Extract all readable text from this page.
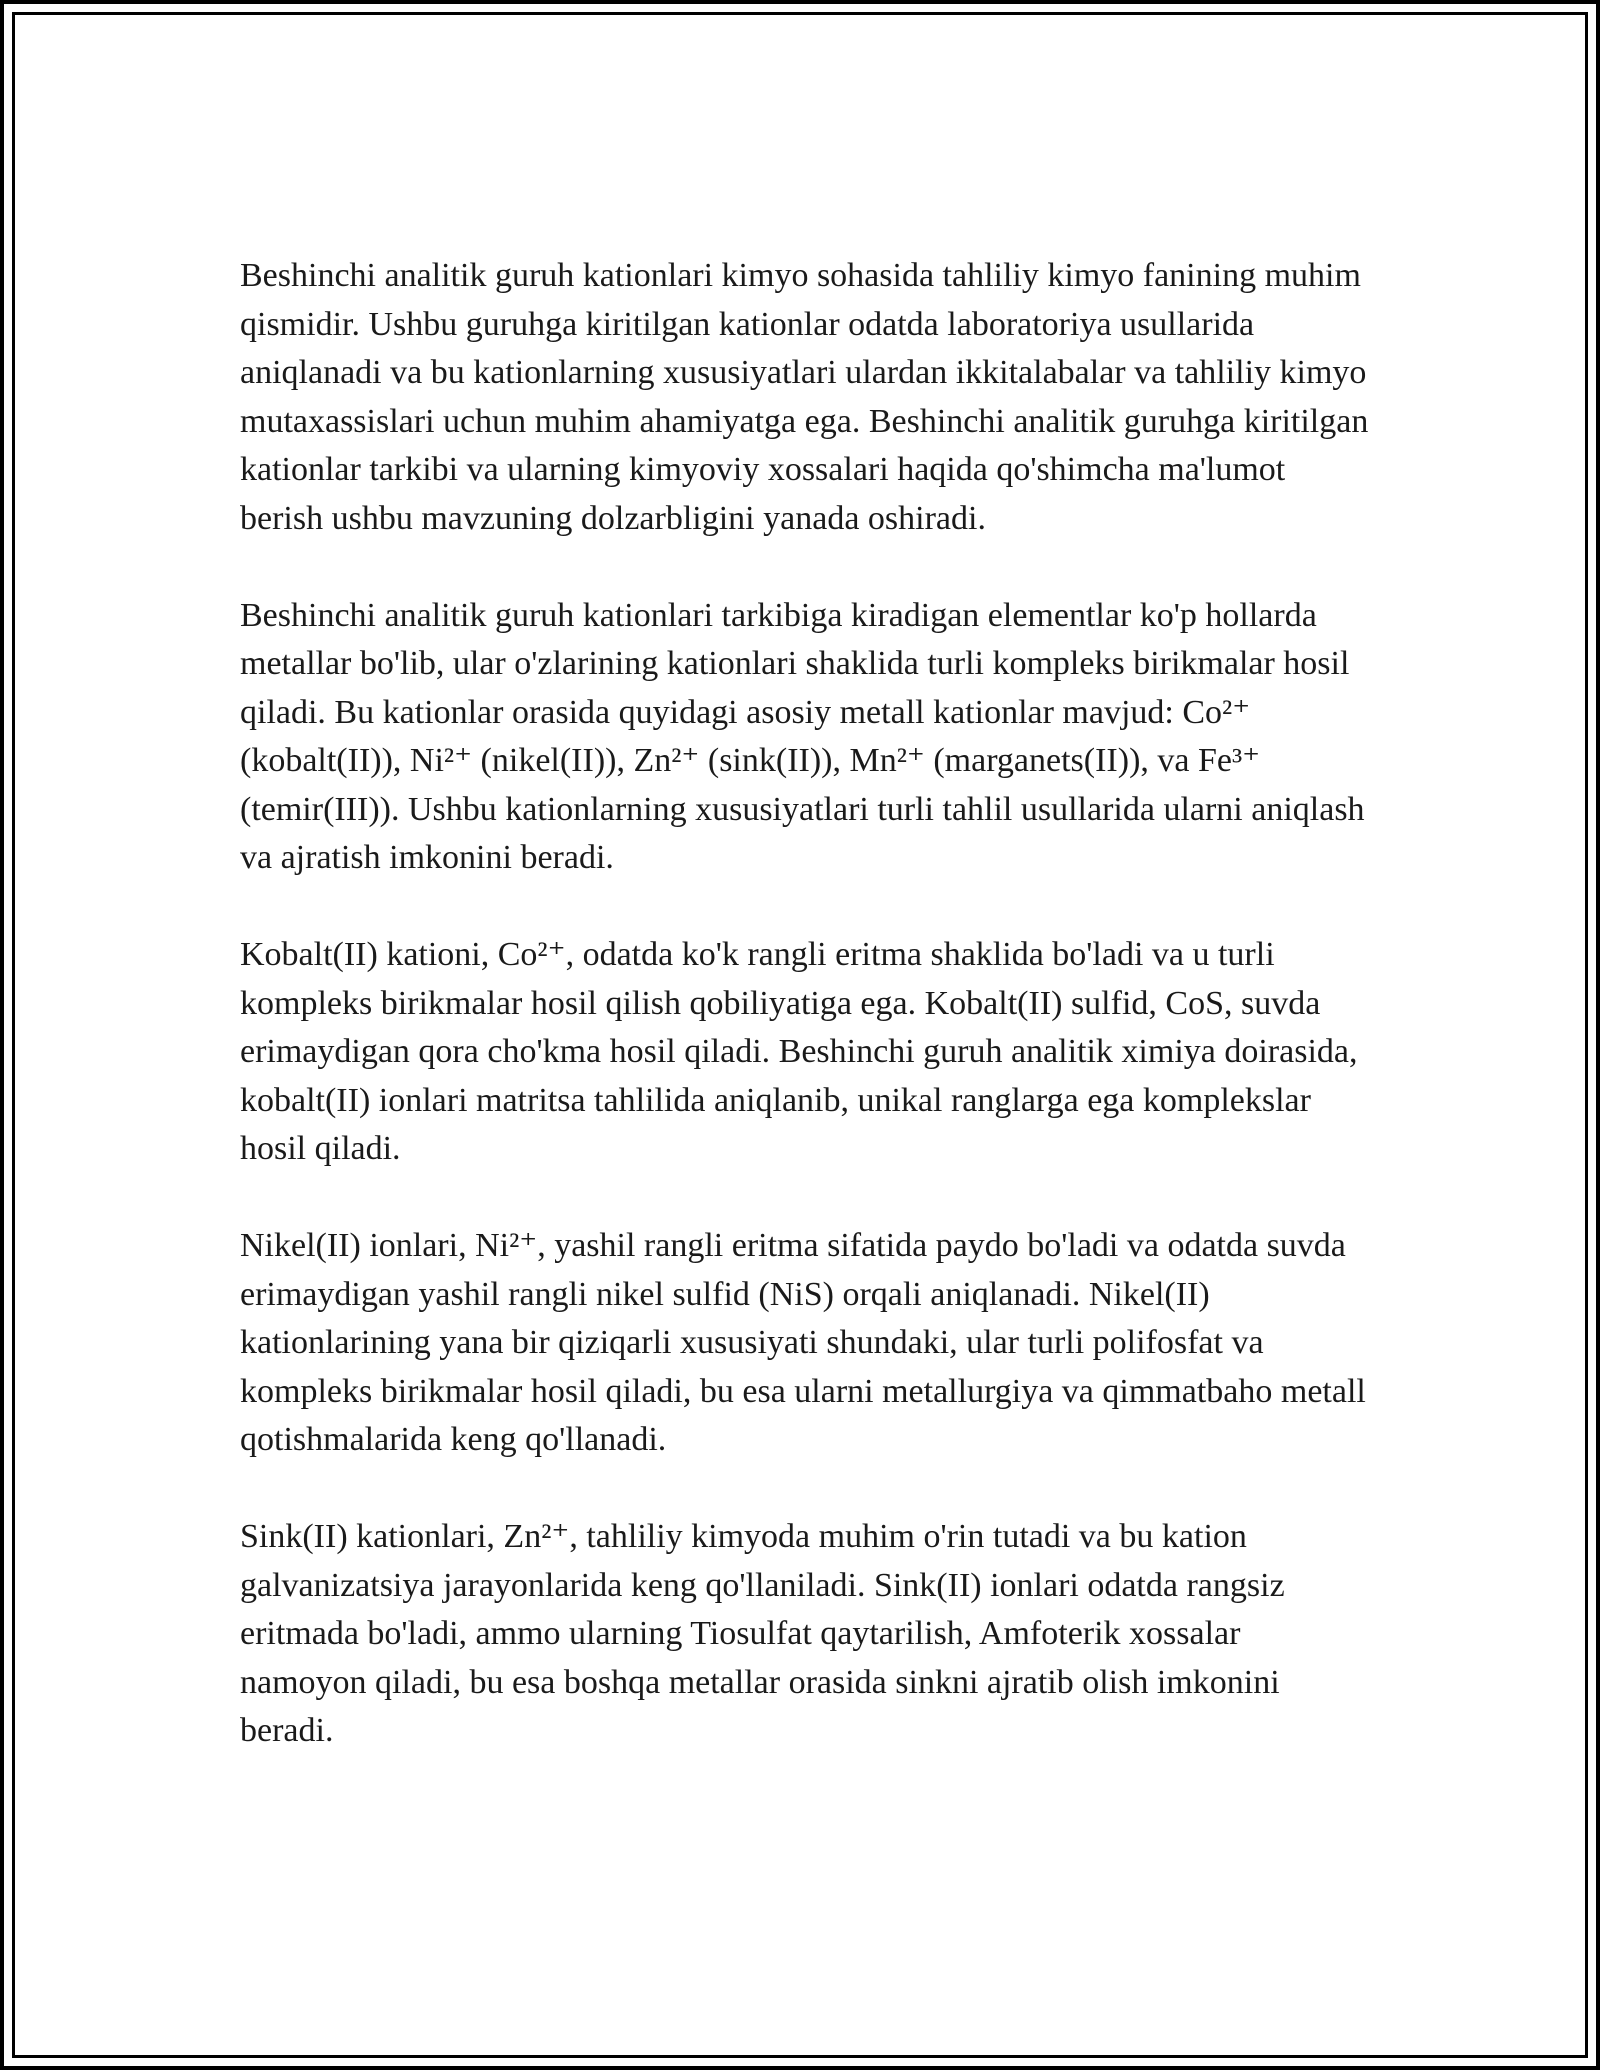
Beshinchi analitik guruh kationlari kimyo sohasida tahliliy kimyo fanining muhim qismidir. Ushbu guruhga kiritilgan kationlar odatda laboratoriya usullarida aniqlanadi va bu kationlarning xususiyatlari ulardan ikkitalabalar va tahliliy kimyo mutaxassislari uchun muhim ahamiyatga ega. Beshinchi analitik guruhga kiritilgan kationlar tarkibi va ularning kimyoviy xossalari haqida qo'shimcha ma'lumot berish ushbu mavzuning dolzarbligini yanada oshiradi.

Beshinchi analitik guruh kationlari tarkibiga kiradigan elementlar ko'p hollarda metallar bo'lib, ular o'zlarining kationlari shaklida turli kompleks birikmalar hosil qiladi. Bu kationlar orasida quyidagi asosiy metall kationlar mavjud: Co²⁺ (kobalt(II)), Ni²⁺ (nikel(II)), Zn²⁺ (sink(II)), Mn²⁺ (marganets(II)), va Fe³⁺ (temir(III)). Ushbu kationlarning xususiyatlari turli tahlil usullarida ularni aniqlash va ajratish imkonini beradi.

Kobalt(II) kationi, Co²⁺, odatda ko'k rangli eritma shaklida bo'ladi va u turli kompleks birikmalar hosil qilish qobiliyatiga ega. Kobalt(II) sulfid, CoS, suvda erimaydigan qora cho'kma hosil qiladi. Beshinchi guruh analitik ximiya doirasida, kobalt(II) ionlari matritsa tahlilida aniqlanib, unikal ranglarga ega komplekslar hosil qiladi.

Nikel(II) ionlari, Ni²⁺, yashil rangli eritma sifatida paydo bo'ladi va odatda suvda erimaydigan yashil rangli nikel sulfid (NiS) orqali aniqlanadi. Nikel(II) kationlarining yana bir qiziqarli xususiyati shundaki, ular turli polifosfat va kompleks birikmalar hosil qiladi, bu esa ularni metallurgiya va qimmatbaho metall qotishmalarida keng qo'llanadi.

Sink(II) kationlari, Zn²⁺, tahliliy kimyoda muhim o'rin tutadi va bu kation galvanizatsiya jarayonlarida keng qo'llaniladi. Sink(II) ionlari odatda rangsiz eritmada bo'ladi, ammo ularning Tiosulfat qaytarilish, Amfoterik xossalar namoyon qiladi, bu esa boshqa metallar orasida sinkni ajratib olish imkonini beradi.
